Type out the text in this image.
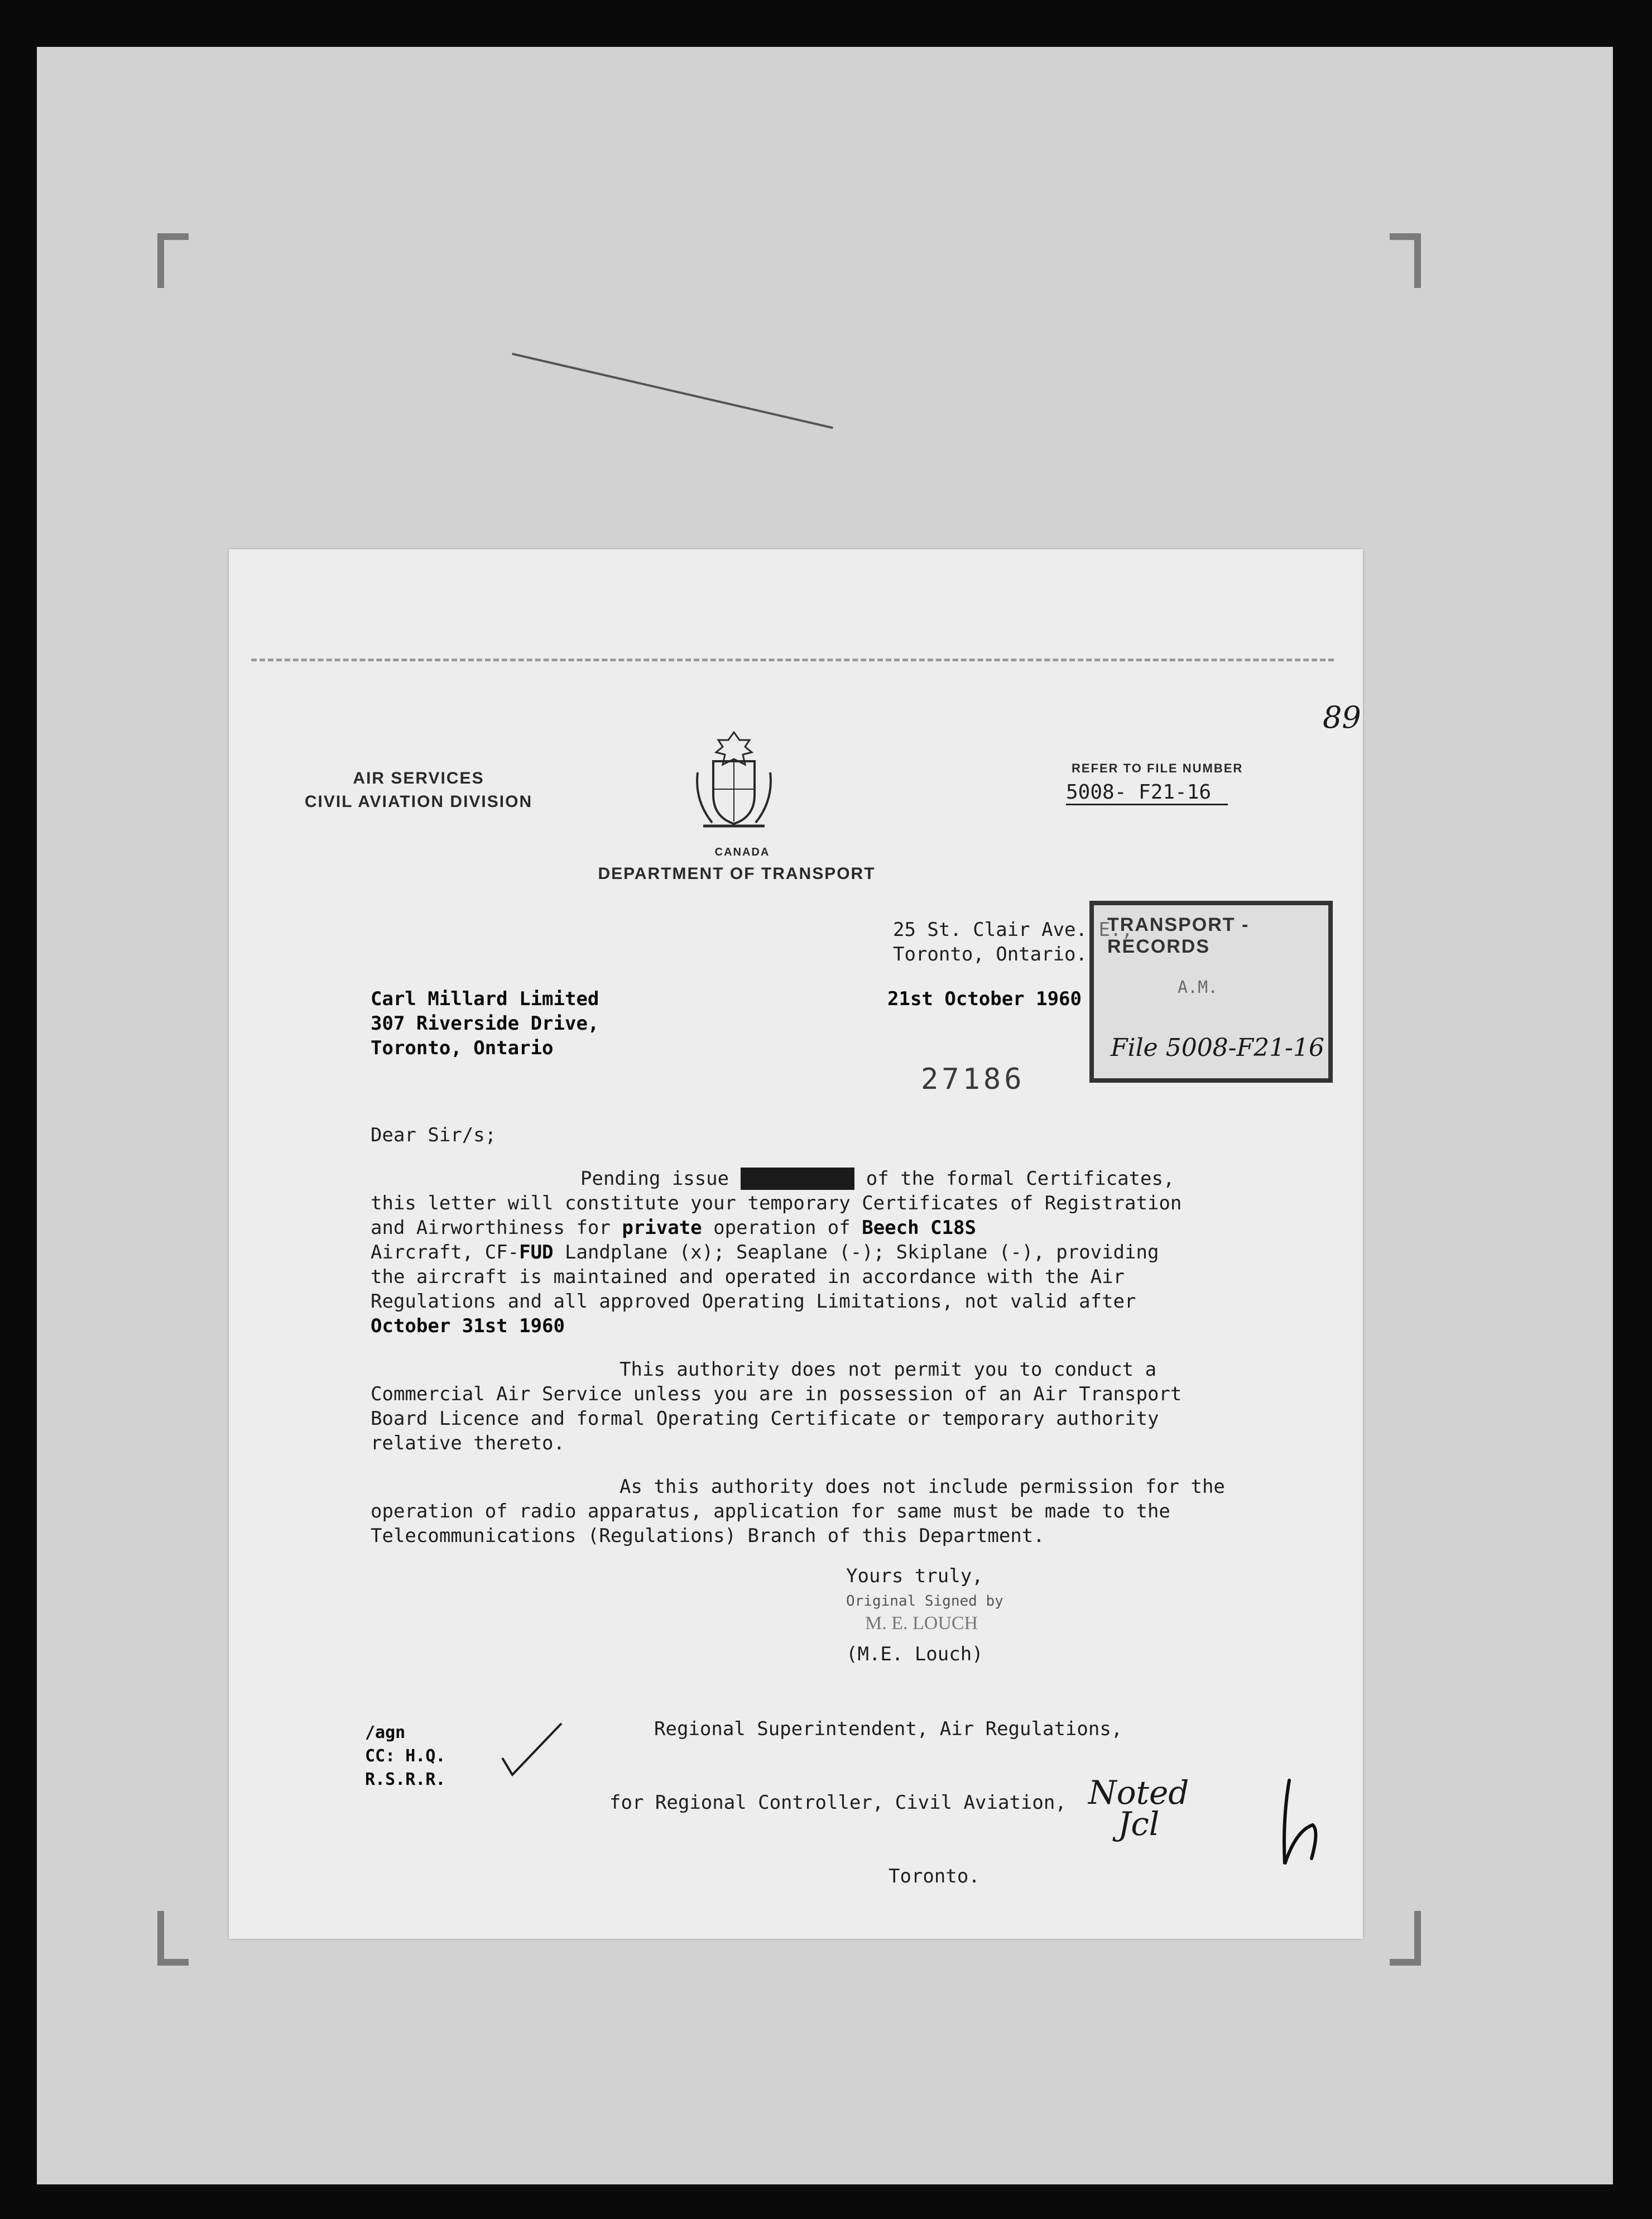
AIR SERVICES
CIVIL AVIATION DIVISION
CANADA
DEPARTMENT OF TRANSPORT
REFER TO FILE NUMBER
5008- F21-16
89
25 St. Clair Ave. E.,
Toronto, Ontario.
TRANSPORT - RECORDS
A.M.
File 5008-F21-16
21st October 1960
Carl Millard Limited
307 Riverside Drive,
Toronto, Ontario
27186
Dear Sir/s;
Pending issue xxxxxxxxxx of the formal Certificates,
this letter will constitute your temporary Certificates of Registration
and Airworthiness for private operation of Beech C18S
Aircraft, CF-FUD Landplane (x); Seaplane (-); Skiplane (-), providing
the aircraft is maintained and operated in accordance with the Air
Regulations and all approved Operating Limitations, not valid after
October 31st 1960
This authority does not permit you to conduct a
Commercial Air Service unless you are in possession of an Air Transport
Board Licence and formal Operating Certificate or temporary authority
relative thereto.
As this authority does not include permission for the
operation of radio apparatus, application for same must be made to the
Telecommunications (Regulations) Branch of this Department.
Yours truly,
Original Signed by
M. E. LOUCH
(M.E. Louch)

Regional Superintendent, Air Regulations,

for Regional Controller, Civil Aviation,

Toronto.

/agn
CC: H.Q.
R.S.R.R.	Noted
Jcl
